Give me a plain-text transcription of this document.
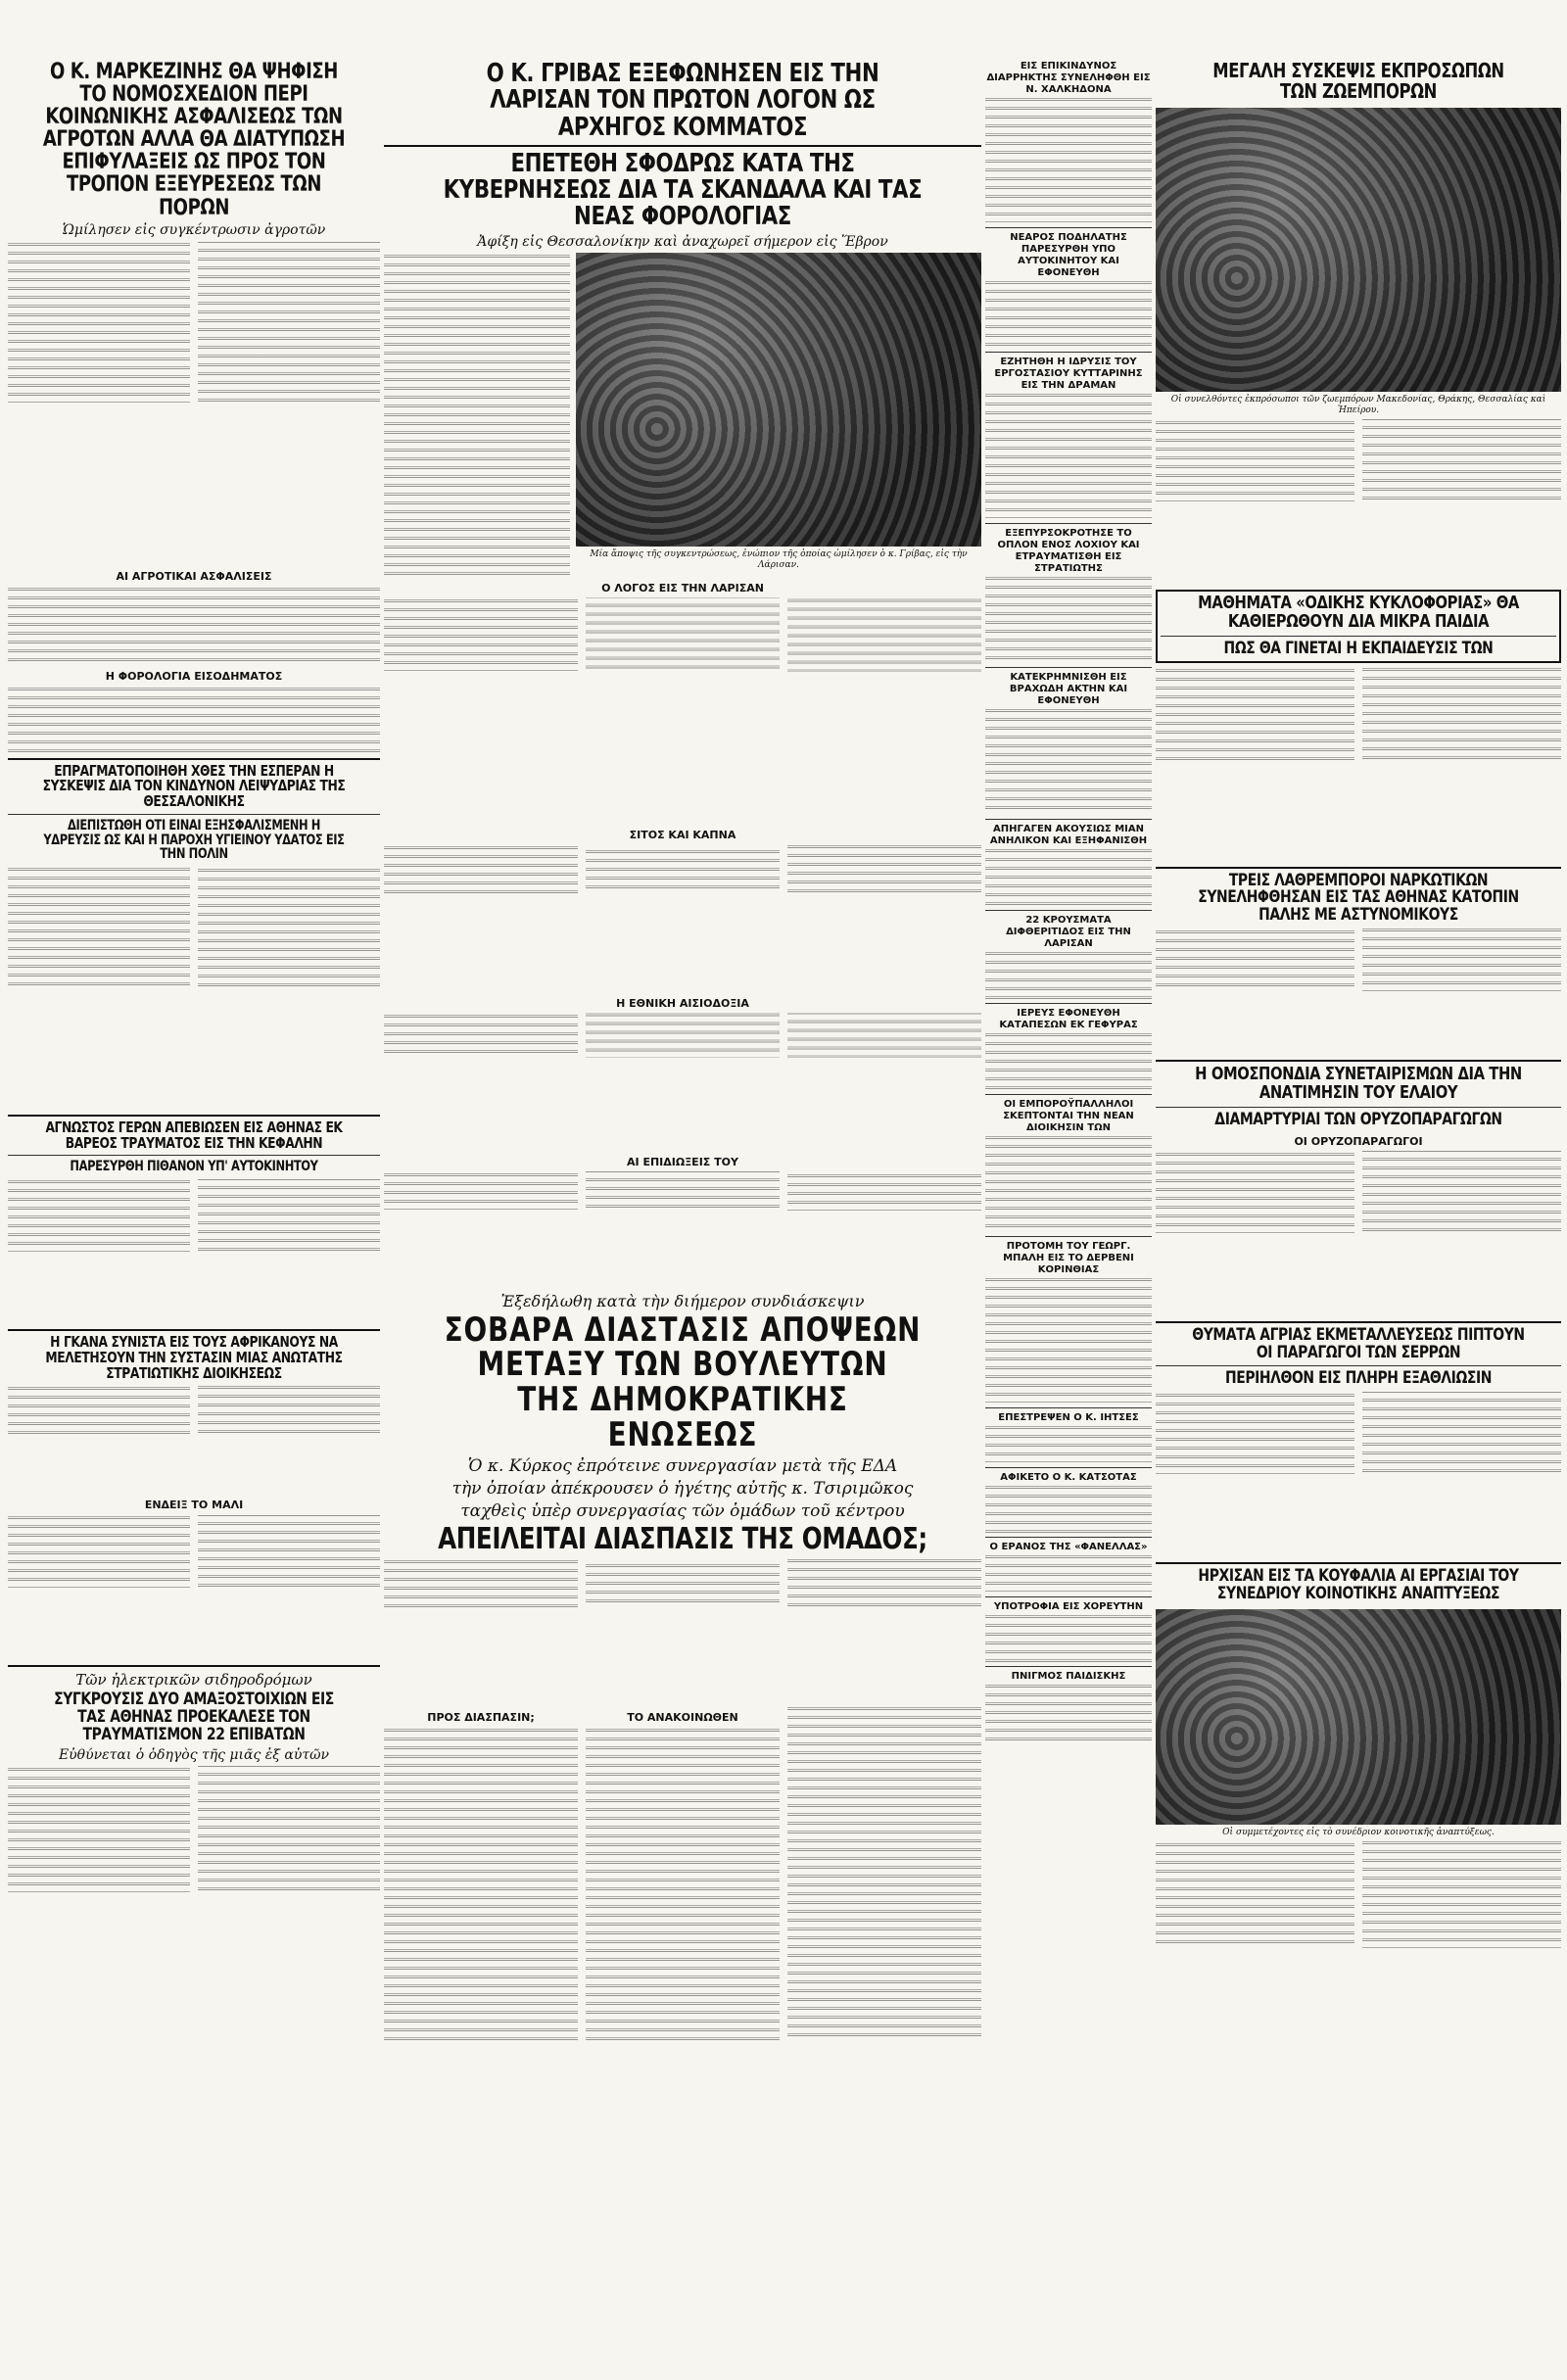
Ο Κ. ΜΑΡΚΕΖΙΝΗΣ ΘΑ ΨΗΦΙΣΗ ΤΟ ΝΟΜΟΣΧΕΔΙΟΝ ΠΕΡΙ ΚΟΙΝΩΝΙΚΗΣ ΑΣΦΑΛΙΣΕΩΣ ΤΩΝ ΑΓΡΟΤΩΝ ΑΛΛΑ ΘΑ ΔΙΑΤΥΠΩΣΗ ΕΠΙΦΥΛΑΞΕΙΣ ΩΣ ΠΡΟΣ ΤΟΝ ΤΡΟΠΟΝ ΕΞΕΥΡΕΣΕΩΣ ΤΩΝ ΠΟΡΩΝ
Ὡμίλησεν εἰς συγκέντρωσιν ἀγροτῶν
ΑΙ ΑΓΡΟΤΙΚΑΙ ΑΣΦΑΛΙΣΕΙΣ
Η ΦΟΡΟΛΟΓΙΑ ΕΙΣΟΔΗΜΑΤΟΣ
ΕΠΡΑΓΜΑΤΟΠΟΙΗΘΗ ΧΘΕΣ ΤΗΝ ΕΣΠΕΡΑΝ Η ΣΥΣΚΕΨΙΣ ΔΙΑ ΤΟΝ ΚΙΝΔΥΝΟΝ ΛΕΙΨΥΔΡΙΑΣ ΤΗΣ ΘΕΣΣΑΛΟΝΙΚΗΣ
ΔΙΕΠΙΣΤΩΘΗ ΟΤΙ ΕΙΝΑΙ ΕΞΗΣΦΑΛΙΣΜΕΝΗ Η ΥΔΡΕΥΣΙΣ ΩΣ ΚΑΙ Η ΠΑΡΟΧΗ ΥΓΙΕΙΝΟΥ ΥΔΑΤΟΣ ΕΙΣ ΤΗΝ ΠΟΛΙΝ
ΑΓΝΩΣΤΟΣ ΓΕΡΩΝ ΑΠΕΒΙΩΣΕΝ ΕΙΣ ΑΘΗΝΑΣ ΕΚ ΒΑΡΕΟΣ ΤΡΑΥΜΑΤΟΣ ΕΙΣ ΤΗΝ ΚΕΦΑΛΗΝ
ΠΑΡΕΣΥΡΘΗ ΠΙΘΑΝΟΝ ΥΠ' ΑΥΤΟΚΙΝΗΤΟΥ
Η ΓΚΑΝΑ ΣΥΝΙΣΤΑ ΕΙΣ ΤΟΥΣ ΑΦΡΙΚΑΝΟΥΣ ΝΑ ΜΕΛΕΤΗΣΟΥΝ ΤΗΝ ΣΥΣΤΑΣΙΝ ΜΙΑΣ ΑΝΩΤΑΤΗΣ ΣΤΡΑΤΙΩΤΙΚΗΣ ΔΙΟΙΚΗΣΕΩΣ
ΕΝΔΕΙΞ ΤΟ ΜΑΛΙ
Τῶν ἠλεκτρικῶν σιδηροδρόμων
ΣΥΓΚΡΟΥΣΙΣ ΔΥΟ ΑΜΑΞΟΣΤΟΙΧΙΩΝ ΕΙΣ ΤΑΣ ΑΘΗΝΑΣ ΠΡΟΕΚΑΛΕΣΕ ΤΟΝ ΤΡΑΥΜΑΤΙΣΜΟΝ 22 ΕΠΙΒΑΤΩΝ
Εὐθύνεται ὁ ὁδηγὸς τῆς μιᾶς ἐξ αὐτῶν
Ο Κ. ΓΡΙΒΑΣ ΕΞΕΦΩΝΗΣΕΝ ΕΙΣ ΤΗΝ ΛΑΡΙΣΑΝ ΤΟΝ ΠΡΩΤΟΝ ΛΟΓΟΝ ΩΣ ΑΡΧΗΓΟΣ ΚΟΜΜΑΤΟΣ
ΕΠΕΤΕΘΗ ΣΦΟΔΡΩΣ ΚΑΤΑ ΤΗΣ ΚΥΒΕΡΝΗΣΕΩΣ ΔΙΑ ΤΑ ΣΚΑΝΔΑΛΑ ΚΑΙ ΤΑΣ ΝΕΑΣ ΦΟΡΟΛΟΓΙΑΣ
Ἀφίξη εἰς Θεσσαλονίκην καὶ ἀναχωρεῖ σήμερον εἰς Ἕβρον
Μία ἄποψις τῆς συγκεντρώσεως, ἐνώπιον τῆς ὁποίας ὡμίλησεν ὁ κ. Γρίβας, εἰς τὴν Λάρισαν.
Ο ΛΟΓΟΣ ΕΙΣ ΤΗΝ ΛΑΡΙΣΑΝ
ΣΙΤΟΣ ΚΑΙ ΚΑΠΝΑ
Η ΕΘΝΙΚΗ ΑΙΣΙΟΔΟΞΙΑ
ΑΙ ΕΠΙΔΙΩΞΕΙΣ ΤΟΥ
Ἐξεδήλωθη κατὰ τὴν διήμερον συνδιάσκεψιν
ΣΟΒΑΡΑ ΔΙΑΣΤΑΣΙΣ ΑΠΟΨΕΩΝ
ΜΕΤΑΞΥ ΤΩΝ ΒΟΥΛΕΥΤΩΝ
ΤΗΣ ΔΗΜΟΚΡΑΤΙΚΗΣ ΕΝΩΣΕΩΣ
Ὁ κ. Κύρκος ἐπρότεινε συνεργασίαν μετὰ τῆς ΕΔΑ
τὴν ὁποίαν ἀπέκρουσεν ὁ ἡγέτης αὐτῆς κ. Τσιριμῶκος
ταχθεὶς ὑπὲρ συνεργασίας τῶν ὁμάδων τοῦ κέντρου
ΑΠΕΙΛΕΙΤΑΙ ΔΙΑΣΠΑΣΙΣ ΤΗΣ ΟΜΑΔΟΣ;
ΠΡΟΣ ΔΙΑΣΠΑΣΙΝ;	ΤΟ ΑΝΑΚΟΙΝΩΘΕΝ
ΕΙΣ ΕΠΙΚΙΝΔΥΝΟΣ ΔΙΑΡΡΗΚΤΗΣ ΣΥΝΕΛΗΦΘΗ ΕΙΣ Ν. ΧΑΛΚΗΔΟΝΑ
ΝΕΑΡΟΣ ΠΟΔΗΛΑΤΗΣ ΠΑΡΕΣΥΡΘΗ ΥΠΟ ΑΥΤΟΚΙΝΗΤΟΥ ΚΑΙ ΕΦΟΝΕΥΘΗ
ΕΖΗΤΗΘΗ Η ΙΔΡΥΣΙΣ ΤΟΥ ΕΡΓΟΣΤΑΣΙΟΥ ΚΥΤΤΑΡΙΝΗΣ ΕΙΣ ΤΗΝ ΔΡΑΜΑΝ
ΕΞΕΠΥΡΣΟΚΡΟΤΗΣΕ ΤΟ ΟΠΛΟΝ ΕΝΟΣ ΛΟΧΙΟΥ ΚΑΙ ΕΤΡΑΥΜΑΤΙΣΘΗ ΕΙΣ ΣΤΡΑΤΙΩΤΗΣ
ΚΑΤΕΚΡΗΜΝΙΣΘΗ ΕΙΣ ΒΡΑΧΩΔΗ ΑΚΤΗΝ ΚΑΙ ΕΦΟΝΕΥΘΗ
ΑΠΗΓΑΓΕΝ ΑΚΟΥΣΙΩΣ ΜΙΑΝ ΑΝΗΛΙΚΟΝ ΚΑΙ ΕΞΗΦΑΝΙΣΘΗ
22 ΚΡΟΥΣΜΑΤΑ ΔΙΦΘΕΡΙΤΙΔΟΣ ΕΙΣ ΤΗΝ ΛΑΡΙΣΑΝ
ΙΕΡΕΥΣ ΕΦΟΝΕΥΘΗ ΚΑΤΑΠΕΣΩΝ ΕΚ ΓΕΦΥΡΑΣ
ΟΙ ΕΜΠΟΡΟΫΠΑΛΛΗΛΟΙ ΣΚΕΠΤΟΝΤΑΙ ΤΗΝ ΝΕΑΝ ΔΙΟΙΚΗΣΙΝ ΤΩΝ
ΠΡΟΤΟΜΗ ΤΟΥ ΓΕΩΡΓ. ΜΠΑΛΗ ΕΙΣ ΤΟ ΔΕΡΒΕΝΙ ΚΟΡΙΝΘΙΑΣ
ΕΠΕΣΤΡΕΨΕΝ Ο Κ. ΙΗΤΣΕΣ
ΑΦΙΚΕΤΟ Ο Κ. ΚΑΤΣΟΤΑΣ
Ο ΕΡΑΝΟΣ ΤΗΣ «ΦΑΝΕΛΛΑΣ»
ΥΠΟΤΡΟΦΙΑ ΕΙΣ ΧΟΡΕΥΤΗΝ
ΠΝΙΓΜΟΣ ΠΑΙΔΙΣΚΗΣ
ΜΕΓΑΛΗ ΣΥΣΚΕΨΙΣ ΕΚΠΡΟΣΩΠΩΝ ΤΩΝ ΖΩΕΜΠΟΡΩΝ
Οἱ συνελθόντες ἐκπρόσωποι τῶν ζωεμπόρων Μακεδονίας, Θράκης, Θεσσαλίας καὶ Ἠπείρου.
ΜΑΘΗΜΑΤΑ «ΟΔΙΚΗΣ ΚΥΚΛΟΦΟΡΙΑΣ» ΘΑ ΚΑΘΙΕΡΩΘΟΥΝ ΔΙΑ ΜΙΚΡΑ ΠΑΙΔΙΑ
ΠΩΣ ΘΑ ΓΙΝΕΤΑΙ Η ΕΚΠΑΙΔΕΥΣΙΣ ΤΩΝ
ΤΡΕΙΣ ΛΑΘΡΕΜΠΟΡΟΙ ΝΑΡΚΩΤΙΚΩΝ ΣΥΝΕΛΗΦΘΗΣΑΝ ΕΙΣ ΤΑΣ ΑΘΗΝΑΣ ΚΑΤΟΠΙΝ ΠΑΛΗΣ ΜΕ ΑΣΤΥΝΟΜΙΚΟΥΣ
Η ΟΜΟΣΠΟΝΔΙΑ ΣΥΝΕΤΑΙΡΙΣΜΩΝ ΔΙΑ ΤΗΝ ΑΝΑΤΙΜΗΣΙΝ ΤΟΥ ΕΛΑΙΟΥ
ΔΙΑΜΑΡΤΥΡΙΑΙ ΤΩΝ ΟΡΥΖΟΠΑΡΑΓΩΓΩΝ
ΟΙ ΟΡΥΖΟΠΑΡΑΓΩΓΟΙ
ΘΥΜΑΤΑ ΑΓΡΙΑΣ ΕΚΜΕΤΑΛΛΕΥΣΕΩΣ ΠΙΠΤΟΥΝ ΟΙ ΠΑΡΑΓΩΓΟΙ ΤΩΝ ΣΕΡΡΩΝ
ΠΕΡΙΗΛΘΟΝ ΕΙΣ ΠΛΗΡΗ ΕΞΑΘΛΙΩΣΙΝ
ΗΡΧΙΣΑΝ ΕΙΣ ΤΑ ΚΟΥΦΑΛΙΑ ΑΙ ΕΡΓΑΣΙΑΙ ΤΟΥ ΣΥΝΕΔΡΙΟΥ ΚΟΙΝΟΤΙΚΗΣ ΑΝΑΠΤΥΞΕΩΣ
Οἱ συμμετέχοντες εἰς τὸ συνέδριον κοινοτικῆς ἀναπτύξεως.
